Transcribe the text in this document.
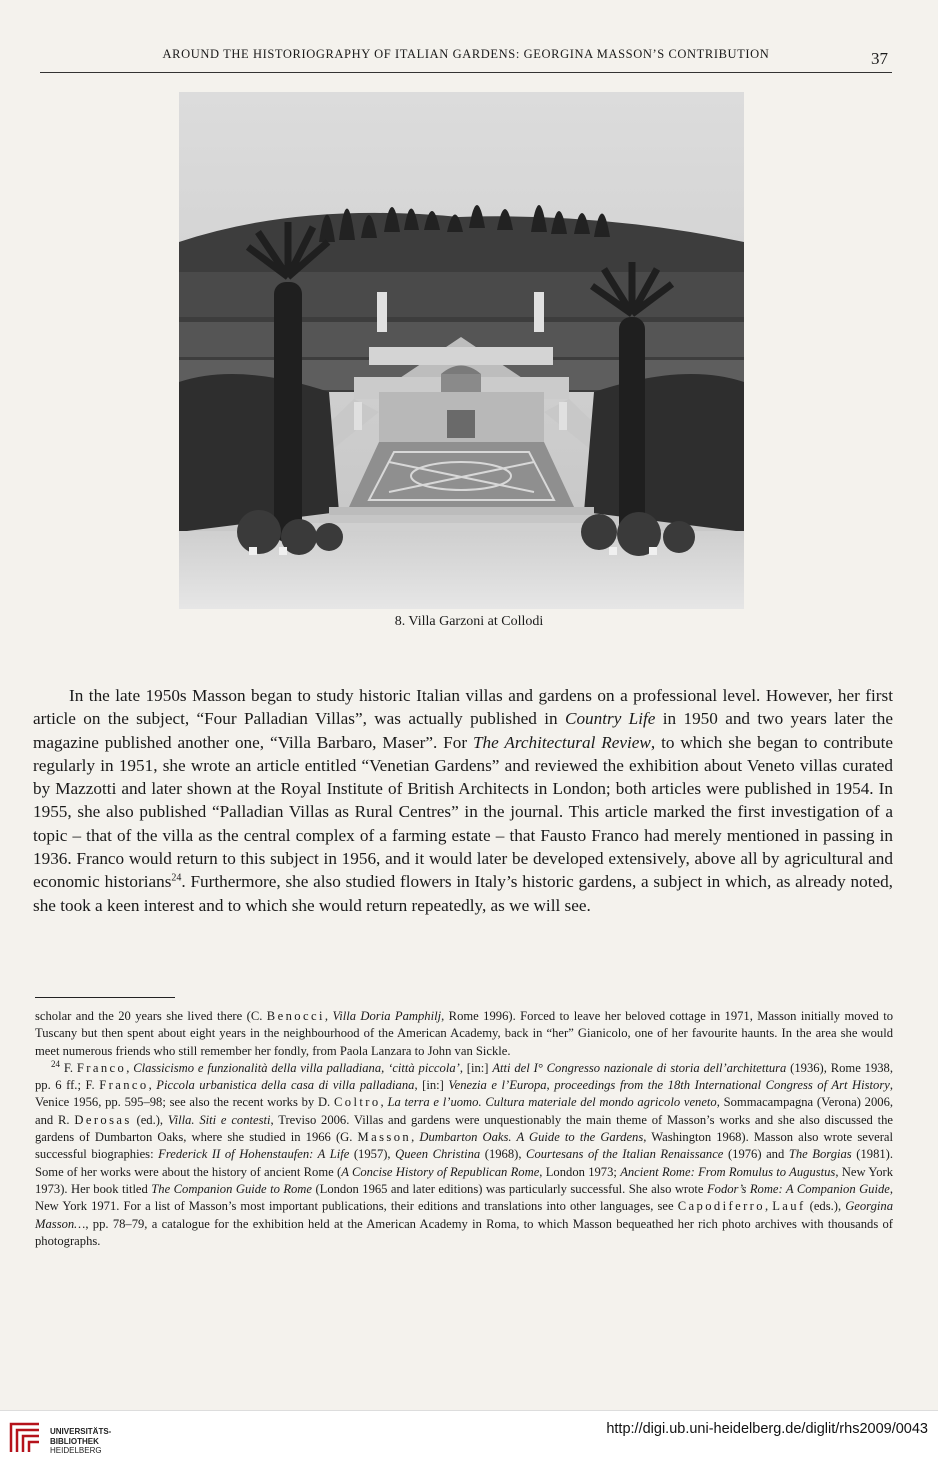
AROUND THE HISTORIOGRAPHY OF ITALIAN GARDENS: GEORGINA MASSON’S CONTRIBUTION	37
8. Villa Garzoni at Collodi

In the late 1950s Masson began to study historic Italian villas and gardens on a professional level. However, her first article on the subject, “Four Palladian Villas”, was actually published in Country Life in 1950 and two years later the magazine published another one, “Villa Barbaro, Maser”. For The Architectural Review, to which she began to contribute regularly in 1951, she wrote an article entitled “Venetian Gardens” and reviewed the exhibition about Veneto villas curated by Mazzotti and later shown at the Royal Institute of British Architects in London; both articles were published in 1954. In 1955, she also published “Palladian Villas as Rural Centres” in the journal. This article marked the first investigation of a topic – that of the villa as the central complex of a farming estate – that Fausto Franco had merely mentioned in passing in 1936. Franco would return to this subject in 1956, and it would later be developed extensively, above all by agricultural and economic historians$^{24}$. Furthermore, she also studied flowers in Italy’s historic gardens, a subject in which, as already noted, she took a keen interest and to which she would return repeatedly, as we will see.

scholar and the 20 years she lived there (C. Benocci, Villa Doria Pamphilj, Rome 1996). Forced to leave her beloved cottage in 1971, Masson initially moved to Tuscany but then spent about eight years in the neighbourhood of the American Academy, back in “her” Gianicolo, one of her favourite haunts. In the area she would meet numerous friends who still remember her fondly, from Paola Lanzara to John van Sickle.

$^{24}$ F. Franco, Classicismo e funzionalità della villa palladiana, ‘città piccola’, [in:] Atti del I° Congresso nazionale di storia dell’architettura (1936), Rome 1938, pp. 6 ff.; F. Franco, Piccola urbanistica della casa di villa palladiana, [in:] Venezia e l’Europa, proceedings from the 18th International Congress of Art History, Venice 1956, pp. 595–98; see also the recent works by D. Coltro, La terra e l’uomo. Cultura materiale del mondo agricolo veneto, Sommacampagna (Verona) 2006, and R. Derosas (ed.), Villa. Siti e contesti, Treviso 2006. Villas and gardens were unquestionably the main theme of Masson’s works and she also discussed the gardens of Dumbarton Oaks, where she studied in 1966 (G. Masson, Dumbarton Oaks. A Guide to the Gardens, Washington 1968). Masson also wrote several successful biographies: Frederick II of Hohenstaufen: A Life (1957), Queen Christina (1968), Courtesans of the Italian Renaissance (1976) and The Borgias (1981). Some of her works were about the history of ancient Rome (A Concise History of Republican Rome, London 1973; Ancient Rome: From Romulus to Augustus, New York 1973). Her book titled The Companion Guide to Rome (London 1965 and later editions) was particularly successful. She also wrote Fodor’s Rome: A Companion Guide, New York 1971. For a list of Masson’s most important publications, their editions and translations into other languages, see Capodiferro, Lauf (eds.), Georgina Masson…, pp. 78–79, a catalogue for the exhibition held at the American Academy in Roma, to which Masson bequeathed her rich photo archives with thousands of photographs.

UNIVERSITÄTS-
BIBLIOTHEK
HEIDELBERG
http://digi.ub.uni-heidelberg.de/diglit/rhs2009/0043
